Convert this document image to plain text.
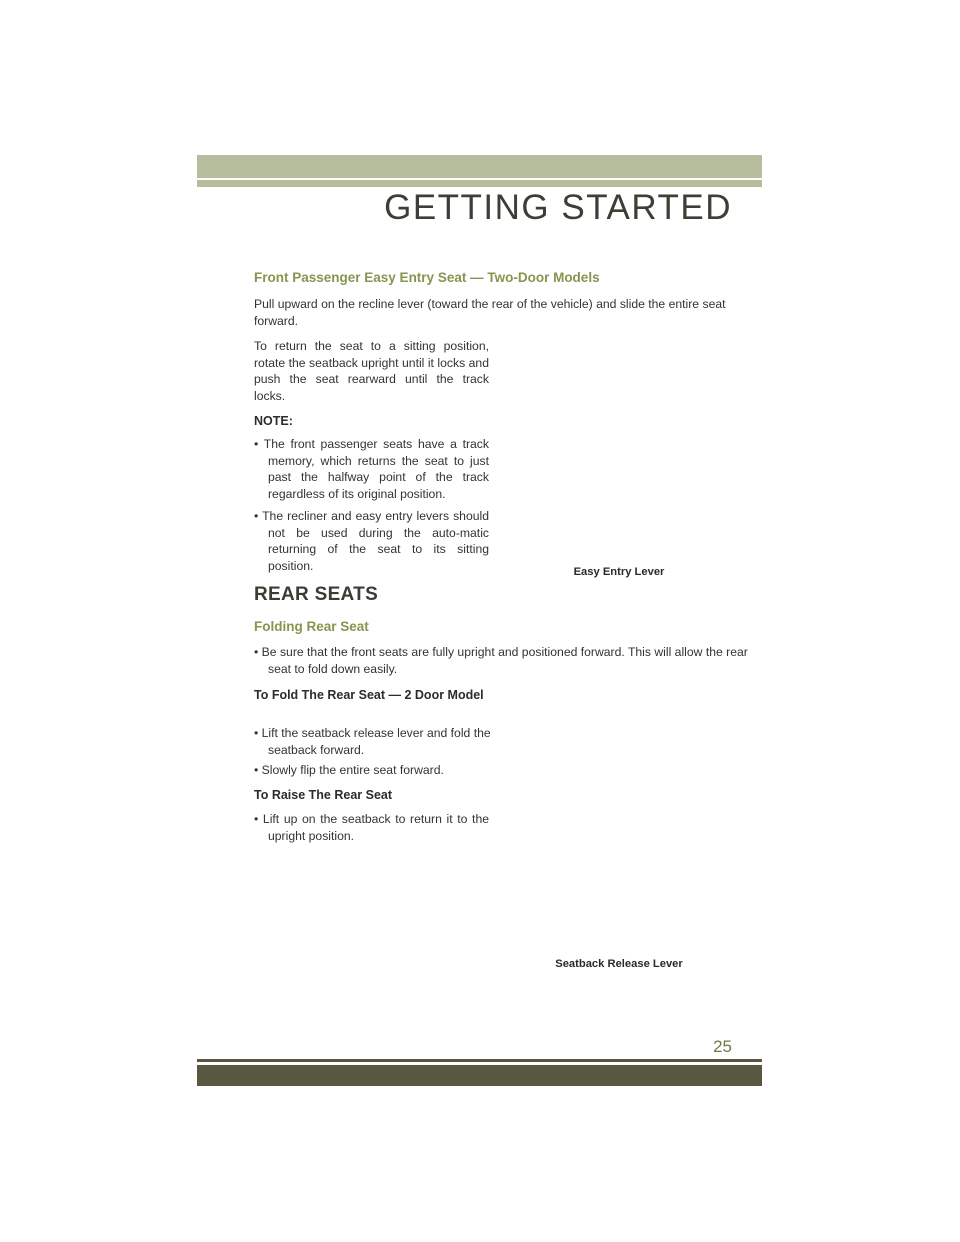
GETTING STARTED
Front Passenger Easy Entry Seat — Two-Door Models
Pull upward on the recline lever (toward the rear of the vehicle) and slide the entire seat forward.
To return the seat to a sitting position, rotate the seatback upright until it locks and push the seat rearward until the track locks.
NOTE:
• The front passenger seats have a track memory, which returns the seat to just past the halfway point of the track regardless of its original position.
• The recliner and easy entry levers should not be used during the auto-matic returning of the seat to its sitting position.	Easy Entry Lever
REAR SEATS
Folding Rear Seat
• Be sure that the front seats are fully upright and positioned forward. This will allow the rear seat to fold down easily.
To Fold The Rear Seat — 2 Door Model
• Lift the seatback release lever and fold the seatback forward.
• Slowly flip the entire seat forward.
To Raise The Rear Seat
• Lift up on the seatback to return it to the upright position.
Seatback Release Lever
25
